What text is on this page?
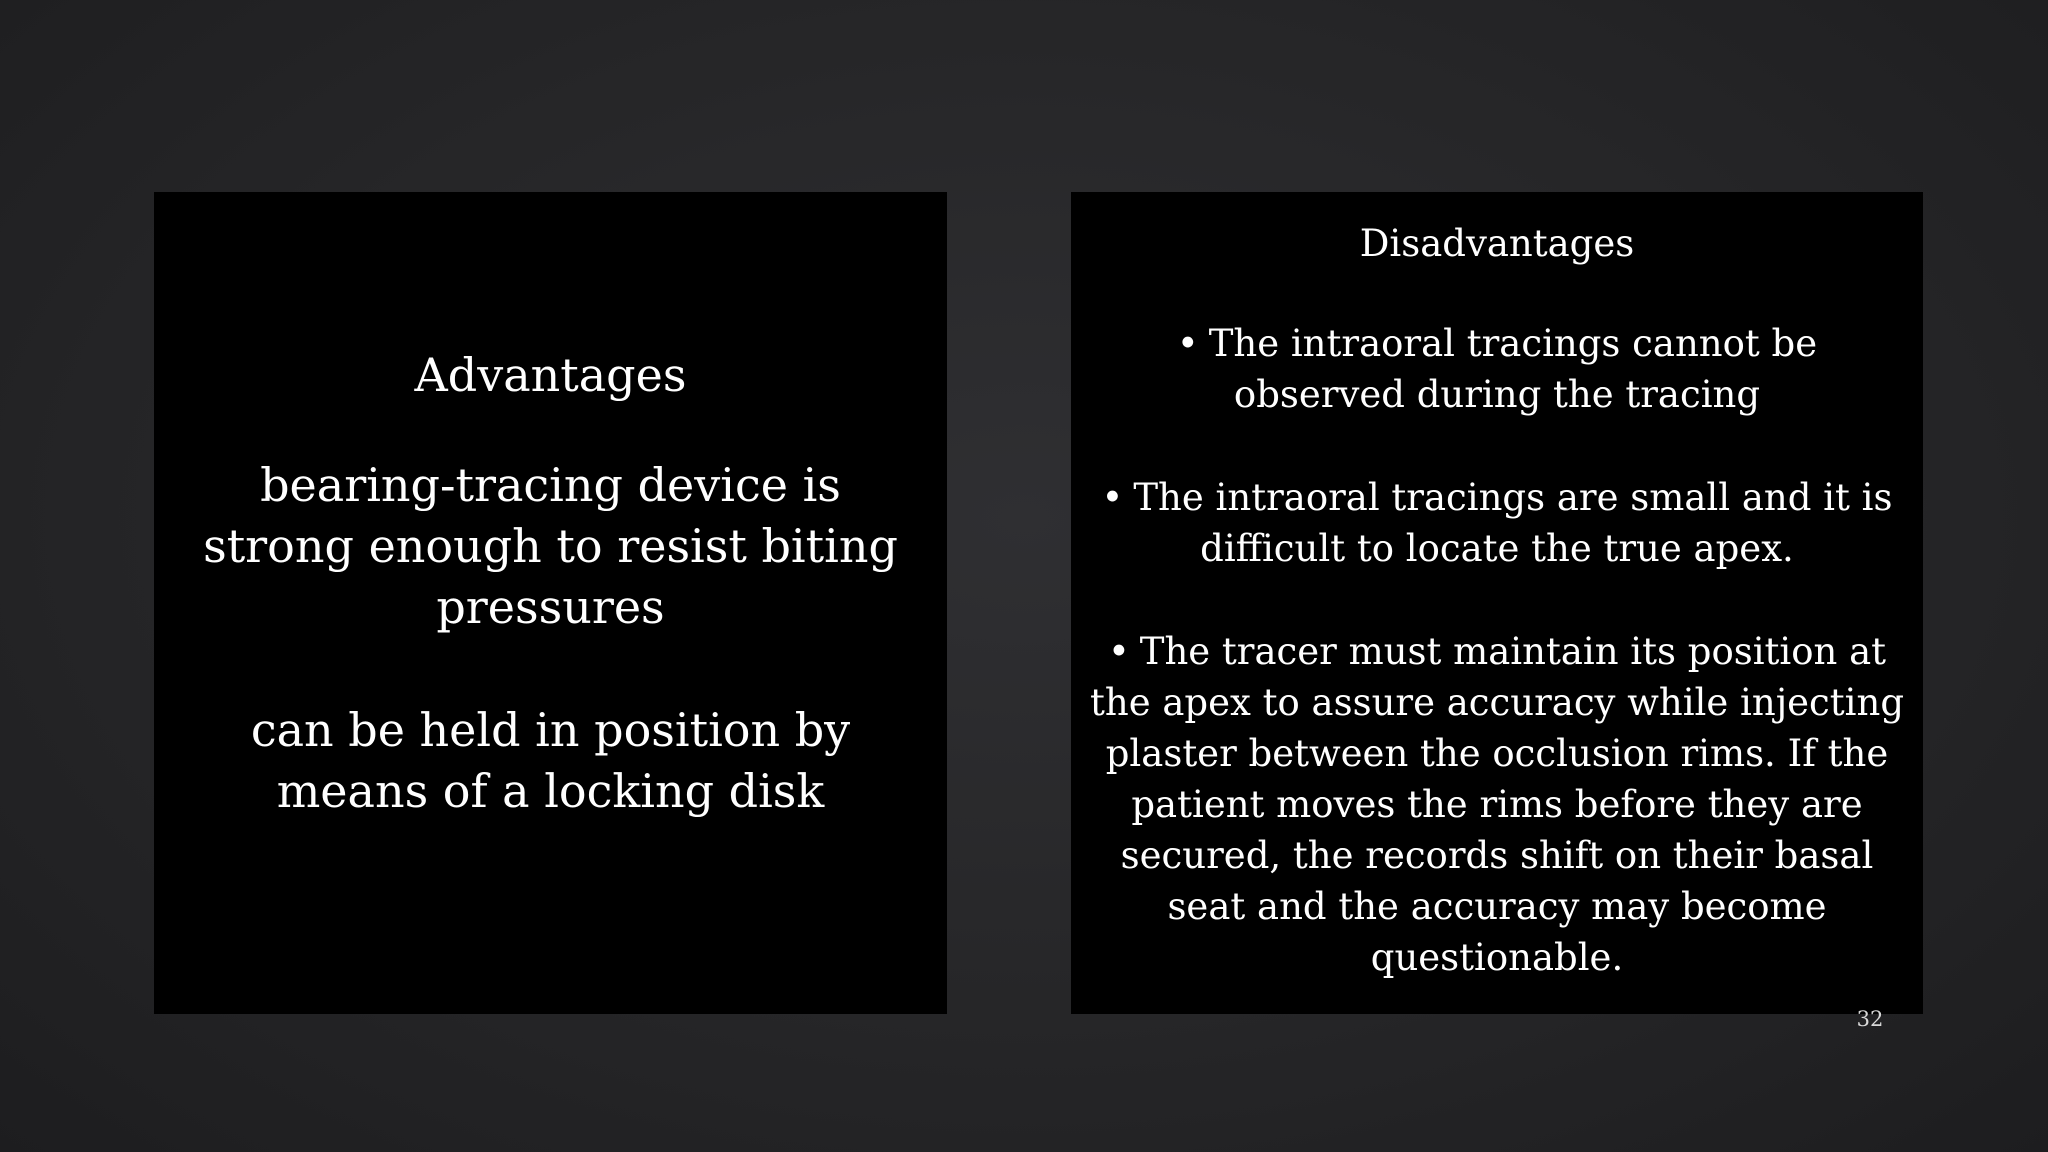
Advantages
bearing-tracing device is strong enough to resist biting pressures
can be held in position by means of a locking disk
Disadvantages
• The intraoral tracings cannot be observed during the tracing
• The intraoral tracings are small and it is difficult to locate the true apex.
• The tracer must maintain its position at the apex to assure accuracy while injecting plaster between the occlusion rims. If the patient moves the rims before they are secured, the records shift on their basal seat and the accuracy may become questionable.
32
